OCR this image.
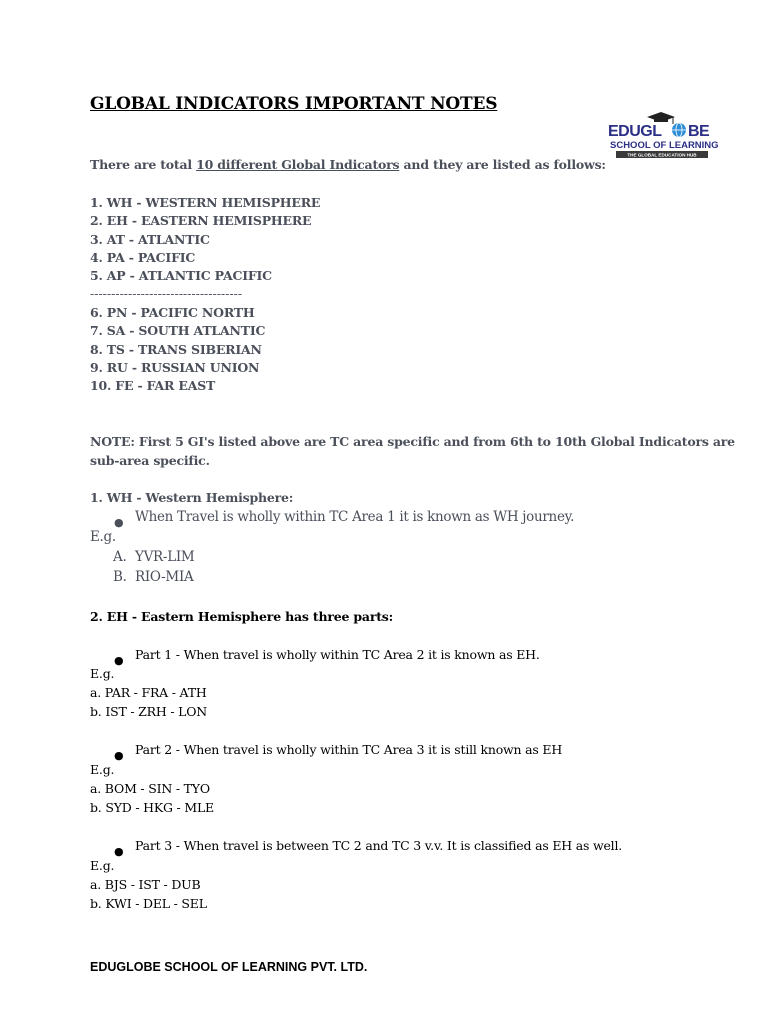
GLOBAL INDICATORS IMPORTANT NOTES
EDUGL BE
SCHOOL OF LEARNING
THE GLOBAL EDUCATION HUB
There are total 10 different Global Indicators and they are listed as follows:
1. WH - WESTERN HEMISPHERE
2. EH - EASTERN HEMISPHERE
3. AT - ATLANTIC
4. PA - PACIFIC
5. AP - ATLANTIC PACIFIC
------------------------------------
6. PN - PACIFIC NORTH
7. SA - SOUTH ATLANTIC
8. TS - TRANS SIBERIAN
9. RU - RUSSIAN UNION
10. FE - FAR EAST
NOTE: First 5 GI's listed above are TC area specific and from 6th to 10th Global Indicators are
sub-area specific.
1. WH - Western Hemisphere:
● When Travel is wholly within TC Area 1 it is known as WH journey.
E.g.
A. YVR-LIM
B. RIO-MIA
2. EH - Eastern Hemisphere has three parts:
● Part 1 - When travel is wholly within TC Area 2 it is known as EH.
E.g.
a. PAR - FRA - ATH
b. IST - ZRH - LON
● Part 2 - When travel is wholly within TC Area 3 it is still known as EH
E.g.
a. BOM - SIN - TYO
b. SYD - HKG - MLE
● Part 3 - When travel is between TC 2 and TC 3 v.v. It is classified as EH as well.
E.g.
a. BJS - IST - DUB
b. KWI - DEL - SEL
EDUGLOBE SCHOOL OF LEARNING PVT. LTD.
